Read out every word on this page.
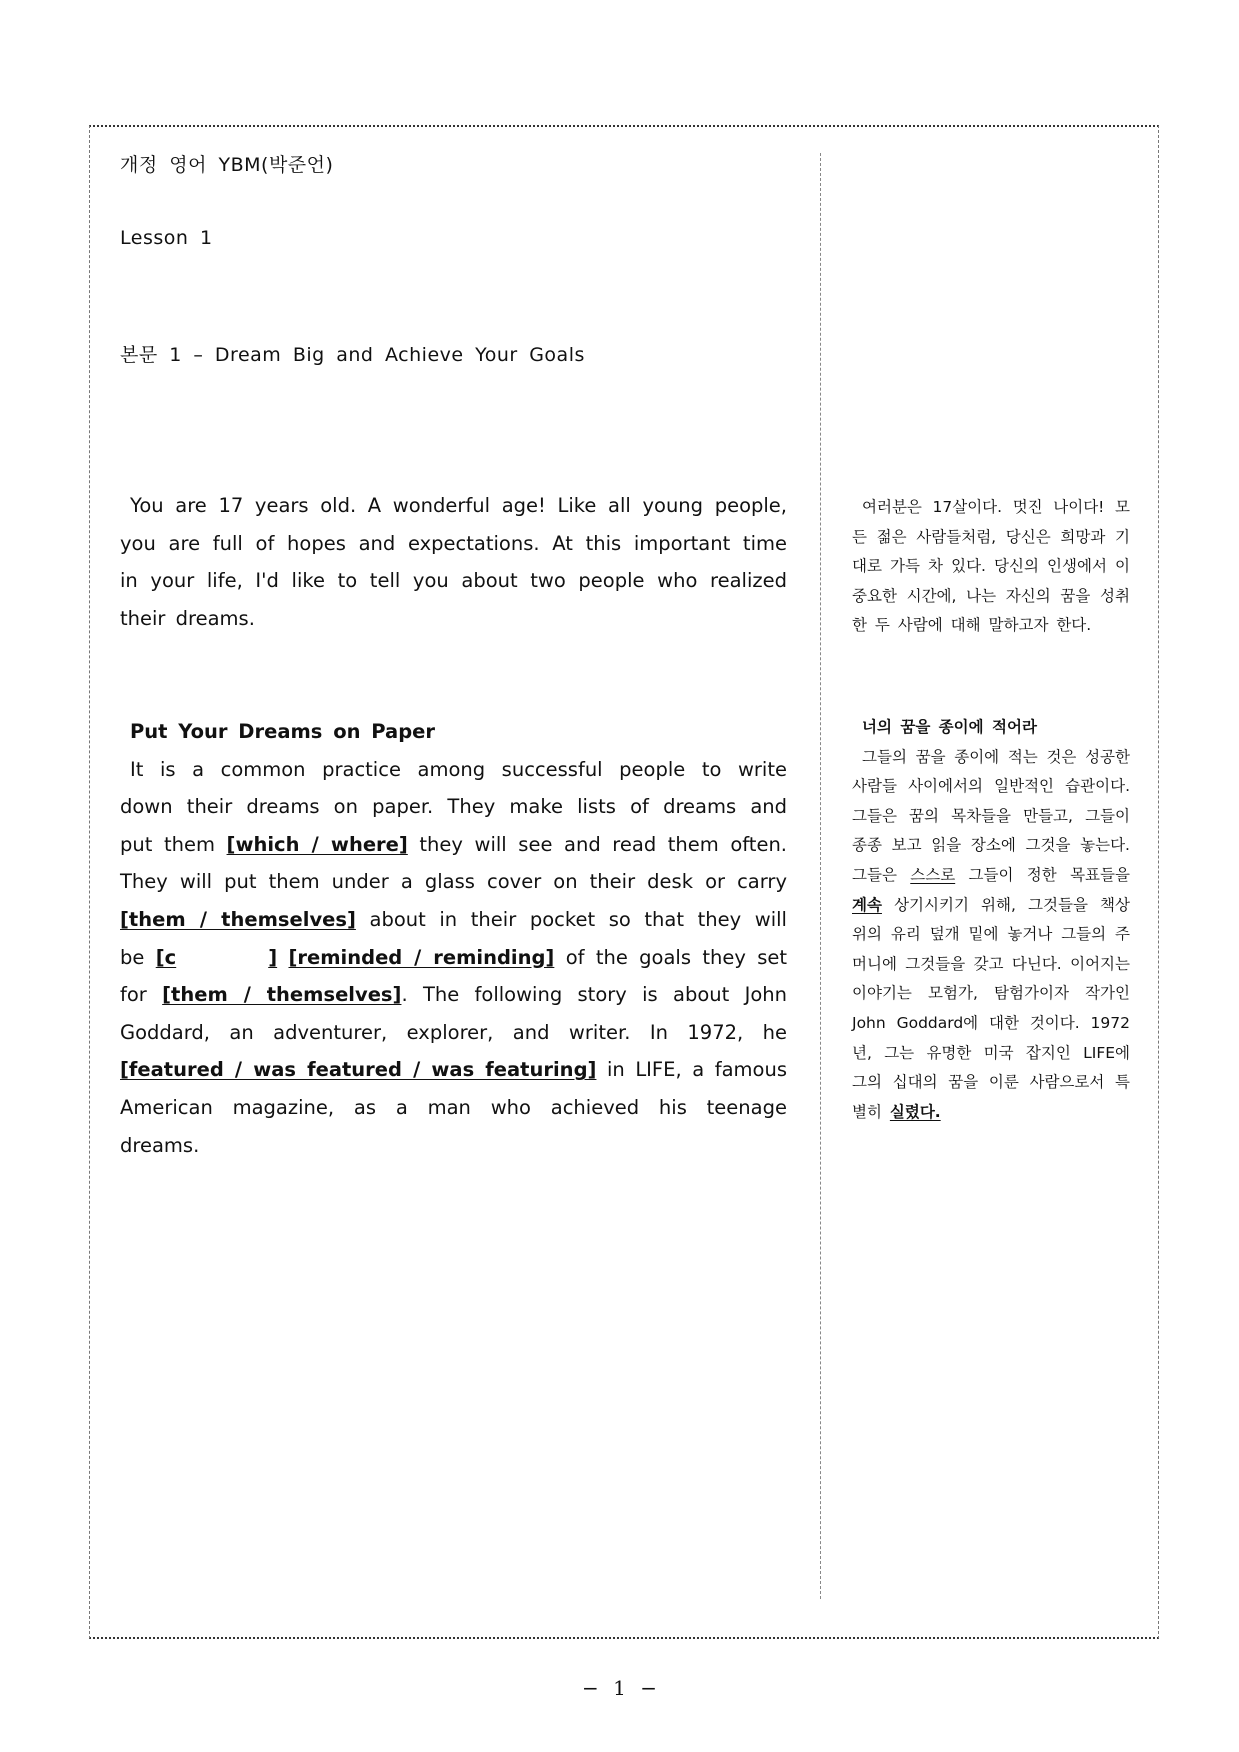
개정 영어 YBM(박준언)
Lesson 1
본문 1 – Dream Big and Achieve Your Goals

You are 17 years old. A wonderful age! Like all young people, you are full of hopes and expectations. At this important time in your life, I'd like to tell you about two people who realized their dreams.

Put Your Dreams on Paper

It is a common practice among successful people to write down their dreams on paper. They make lists of dreams and put them [which / where] they will see and read them often. They will put them under a glass cover on their desk or carry [them / themselves] about in their pocket so that they will be [c	] [reminded / reminding] of the goals they set for [them / themselves]. The following story is about John Goddard, an adventurer, explorer, and writer. In 1972, he [featured / was featured / was featuring] in LIFE, a famous American magazine, as a man who achieved his teenage dreams.

여러분은 17살이다. 멋진 나이다! 모든 젊은 사람들처럼, 당신은 희망과 기대로 가득 차 있다. 당신의 인생에서 이 중요한 시간에, 나는 자신의 꿈을 성취한 두 사람에 대해 말하고자 한다.

너의 꿈을 종이에 적어라

그들의 꿈을 종이에 적는 것은 성공한 사람들 사이에서의 일반적인 습관이다. 그들은 꿈의 목차들을 만들고, 그들이 종종 보고 읽을 장소에 그것을 놓는다. 그들은 스스로 그들이 정한 목표들을 계속 상기시키기 위해, 그것들을 책상 위의 유리 덮개 밑에 놓거나 그들의 주머니에 그것들을 갖고 다닌다. 이어지는 이야기는 모험가, 탐험가이자 작가인 John Goddard에 대한 것이다. 1972년, 그는 유명한 미국 잡지인 LIFE에 그의 십대의 꿈을 이룬 사람으로서 특별히 실렸다.

− 1 −
